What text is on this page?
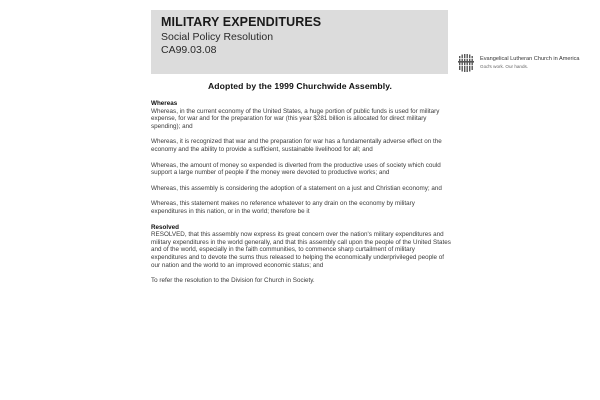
MILITARY EXPENDITURES
Social Policy Resolution
CA99.03.08
Evangelical Lutheran Church in America
God's work. Our hands.
Adopted by the 1999 Churchwide Assembly.
Whereas

Whereas, in the current economy of the United States, a huge portion of public funds is used for military expense, for war and for the preparation for war (this year $281 billion is allocated for direct military spending); and

Whereas, it is recognized that war and the preparation for war has a fundamentally adverse effect on the economy and the ability to provide a sufficient, sustainable livelihood for all; and

Whereas, the amount of money so expended is diverted from the productive uses of society which could support a large number of people if the money were devoted to productive works; and

Whereas, this assembly is considering the adoption of a statement on a just and Christian economy; and

Whereas, this statement makes no reference whatever to any drain on the economy by military expenditures in this nation, or in the world; therefore be it

Resolved

RESOLVED, that this assembly now express its great concern over the nation's military expenditures and military expenditures in the world generally, and that this assembly call upon the people of the United States and of the world, especially in the faith communities, to commence sharp curtailment of military expenditures and to devote the sums thus released to helping the economically underprivileged people of our nation and the world to an improved economic status; and

To refer the resolution to the Division for Church in Society.
